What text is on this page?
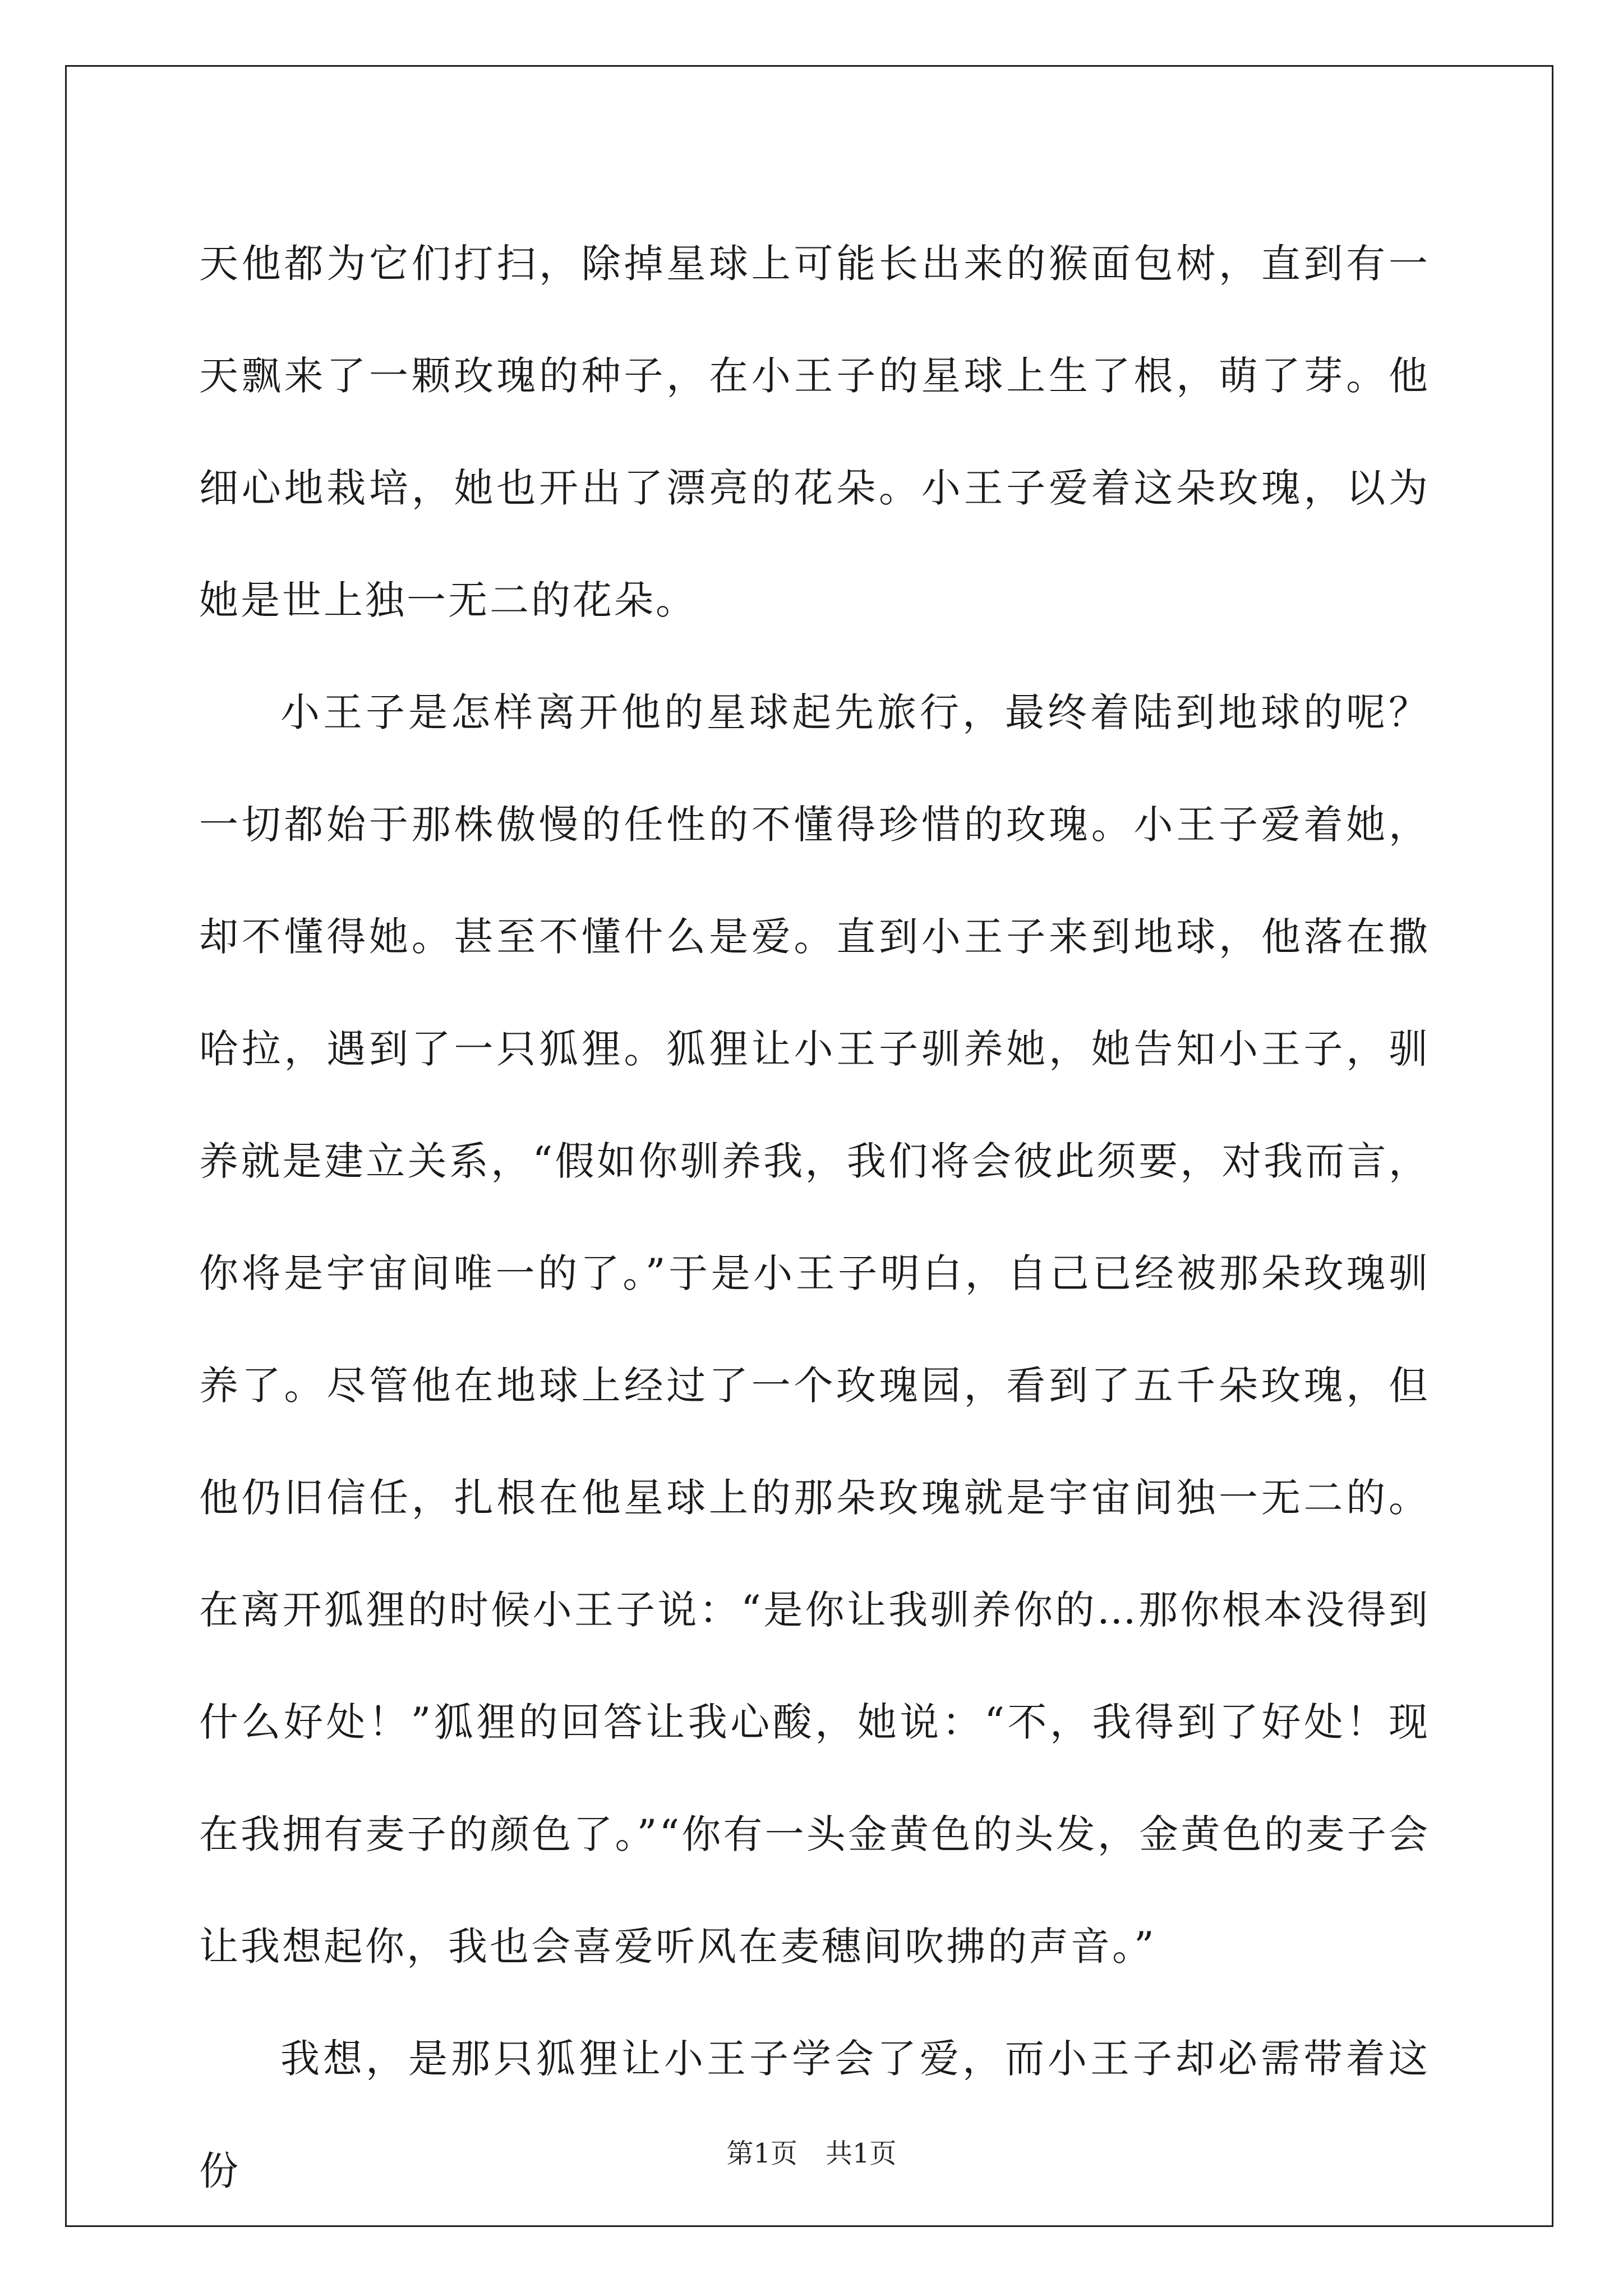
天他都为它们打扫，除掉星球上可能长出来的猴面包树，直到有一天飘来了一颗玫瑰的种子，在小王子的星球上生了根，萌了芽。他细心地栽培，她也开出了漂亮的花朵。小王子爱着这朵玫瑰，以为她是世上独一无二的花朵。

小王子是怎样离开他的星球起先旅行，最终着陆到地球的呢？一切都始于那株傲慢的任性的不懂得珍惜的玫瑰。小王子爱着她，却不懂得她。甚至不懂什么是爱。直到小王子来到地球，他落在撒哈拉，遇到了一只狐狸。狐狸让小王子驯养她，她告知小王子，驯养就是建立关系，“假如你驯养我，我们将会彼此须要，对我而言，你将是宇宙间唯一的了。”于是小王子明白，自己已经被那朵玫瑰驯养了。尽管他在地球上经过了一个玫瑰园，看到了五千朵玫瑰，但他仍旧信任，扎根在他星球上的那朵玫瑰就是宇宙间独一无二的。在离开狐狸的时候小王子说：“是你让我驯养你的…那你根本没得到什么好处！”狐狸的回答让我心酸，她说：“不，我得到了好处！现在我拥有麦子的颜色了。”“你有一头金黄色的头发，金黄色的麦子会让我想起你，我也会喜爱听风在麦穗间吹拂的声音。”

我想，是那只狐狸让小王子学会了爱，而小王子却必需带着这份	第1页 共1页
